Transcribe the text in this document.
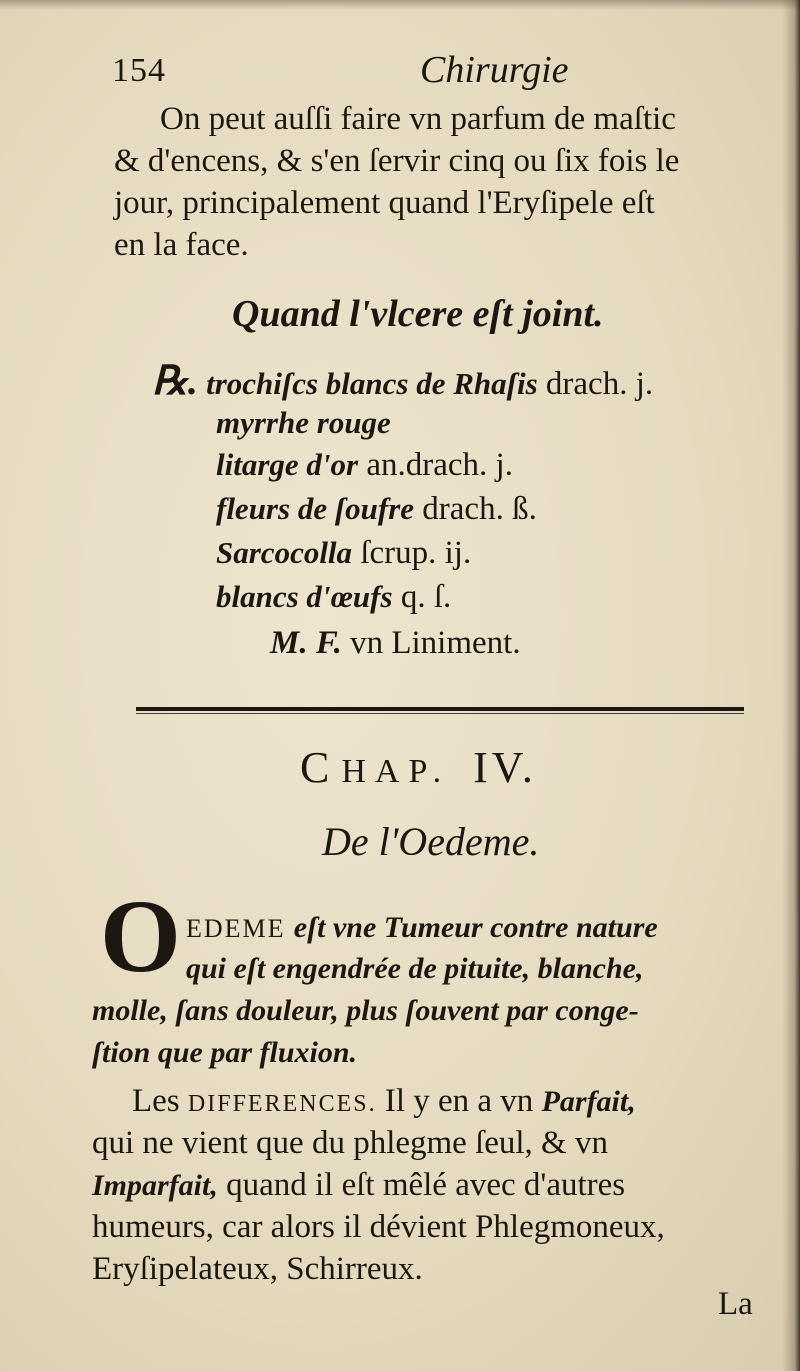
154	Chirurgie
On peut auſſi faire vn parfum de maſtic
& d'encens, & s'en ſervir cinq ou ſix fois le
jour, principalement quand l'Eryſipele eſt
en la face.
Quand l'vlcere eſt joint.
℞. trochiſcs blancs de Rhaſis drach. j.
myrrhe rouge
litarge d'or an.drach. j.
fleurs de ſoufre drach. ß.
Sarcocolla ſcrup. ij.
blancs d'œufs q. ſ.
M. F. vn Liniment.
CHAP. IV.
De l'Oedeme.
O EDEME eſt vne Tumeur contre nature
qui eſt engendrée de pituite, blanche,
molle, ſans douleur, plus ſouvent par conge-
ſtion que par fluxion.
Les DIFFERENCES. Il y en a vn Parfait,
qui ne vient que du phlegme ſeul, & vn
Imparfait, quand il eſt mêlé avec d'autres
humeurs, car alors il dévient Phlegmoneux,
Eryſipelateux, Schirreux.
La
